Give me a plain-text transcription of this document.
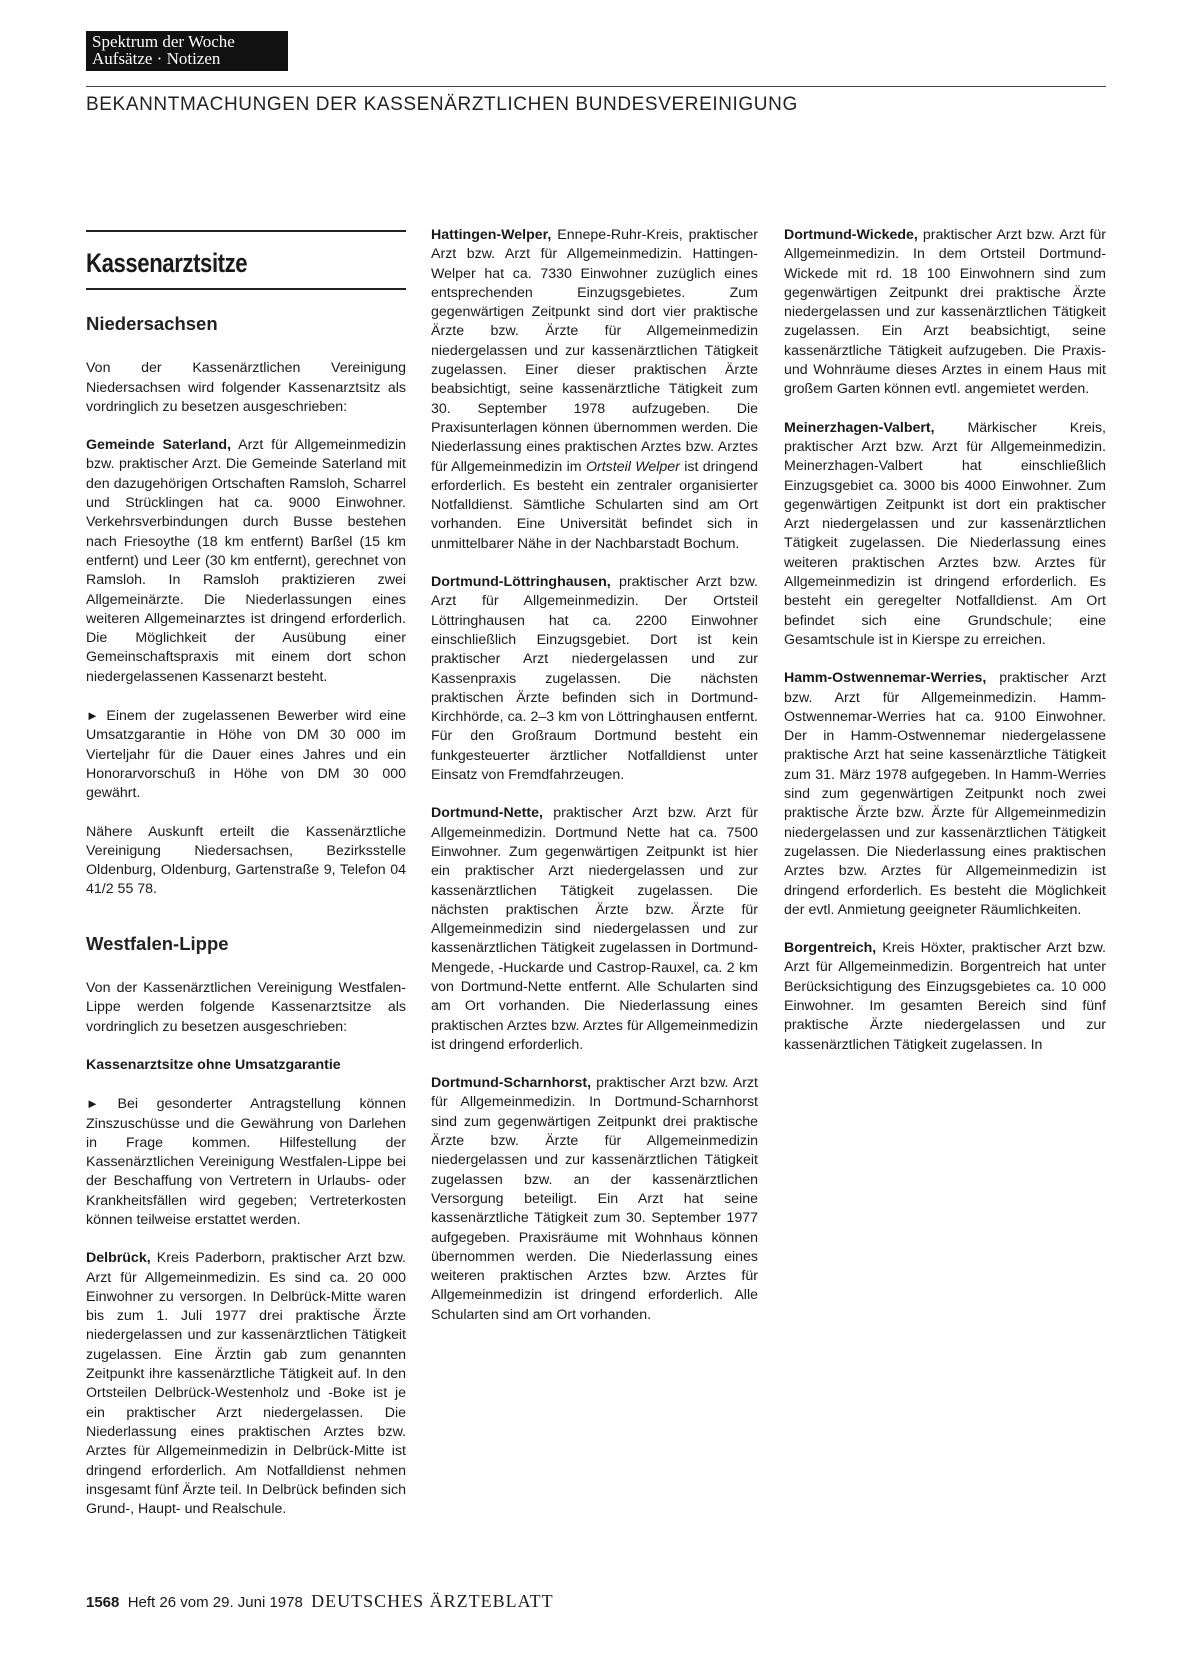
Spektrum der Woche
Aufsätze · Notizen
BEKANNTMACHUNGEN DER KASSENÄRZTLICHEN BUNDESVEREINIGUNG
Kassenarztsitze
Niedersachsen

Von der Kassenärztlichen Vereinigung Niedersachsen wird folgender Kassenarztsitz als vordringlich zu besetzen ausgeschrieben:

Gemeinde Saterland, Arzt für Allgemeinmedizin bzw. praktischer Arzt. Die Gemeinde Saterland mit den dazugehörigen Ortschaften Ramsloh, Scharrel und Strücklingen hat ca. 9000 Einwohner. Verkehrsverbindungen durch Busse bestehen nach Friesoythe (18 km entfernt) Barßel (15 km entfernt) und Leer (30 km entfernt), gerechnet von Ramsloh. In Ramsloh praktizieren zwei Allgemeinärzte. Die Niederlassungen eines weiteren Allgemeinarztes ist dringend erforderlich. Die Möglichkeit der Ausübung einer Gemeinschaftspraxis mit einem dort schon niedergelassenen Kassenarzt besteht.

► Einem der zugelassenen Bewerber wird eine Umsatzgarantie in Höhe von DM 30 000 im Vierteljahr für die Dauer eines Jahres und ein Honorarvorschuß in Höhe von DM 30 000 gewährt.

Nähere Auskunft erteilt die Kassenärztliche Vereinigung Niedersachsen, Bezirksstelle Oldenburg, Oldenburg, Gartenstraße 9, Telefon 04 41/2 55 78.

Westfalen-Lippe

Von der Kassenärztlichen Vereinigung Westfalen-Lippe werden folgende Kassenarztsitze als vordringlich zu besetzen ausgeschrieben:

Kassenarztsitze ohne Umsatzgarantie

► Bei gesonderter Antragstellung können Zinszuschüsse und die Gewährung von Darlehen in Frage kommen. Hilfestellung der Kassenärztlichen Vereinigung Westfalen-Lippe bei der Beschaffung von Vertretern in Urlaubs- oder Krankheitsfällen wird gegeben; Vertreterkosten können teilweise erstattet werden.

Delbrück, Kreis Paderborn, praktischer Arzt bzw. Arzt für Allgemeinmedizin. Es sind ca. 20 000 Einwohner zu versorgen. In Delbrück-Mitte waren bis zum 1. Juli 1977 drei praktische Ärzte niedergelassen und zur kassenärztlichen Tätigkeit zugelassen. Eine Ärztin gab zum genannten Zeitpunkt ihre kassenärztliche Tätigkeit auf. In den Ortsteilen Delbrück-Westenholz und -Boke ist je ein praktischer Arzt niedergelassen. Die Niederlassung eines praktischen Arztes bzw. Arztes für Allgemeinmedizin in Delbrück-Mitte ist dringend erforderlich. Am Notfalldienst nehmen insgesamt fünf Ärzte teil. In Delbrück befinden sich Grund-, Haupt- und Realschule.

Hattingen-Welper, Ennepe-Ruhr-Kreis, praktischer Arzt bzw. Arzt für Allgemeinmedizin. Hattingen-Welper hat ca. 7330 Einwohner zuzüglich eines entsprechenden Einzugsgebietes. Zum gegenwärtigen Zeitpunkt sind dort vier praktische Ärzte bzw. Ärzte für Allgemeinmedizin niedergelassen und zur kassenärztlichen Tätigkeit zugelassen. Einer dieser praktischen Ärzte beabsichtigt, seine kassenärztliche Tätigkeit zum 30. September 1978 aufzugeben. Die Praxisunterlagen können übernommen werden. Die Niederlassung eines praktischen Arztes bzw. Arztes für Allgemeinmedizin im Ortsteil Welper ist dringend erforderlich. Es besteht ein zentraler organisierter Notfalldienst. Sämtliche Schularten sind am Ort vorhanden. Eine Universität befindet sich in unmittelbarer Nähe in der Nachbarstadt Bochum.

Dortmund-Löttringhausen, praktischer Arzt bzw. Arzt für Allgemeinmedizin. Der Ortsteil Löttringhausen hat ca. 2200 Einwohner einschließlich Einzugsgebiet. Dort ist kein praktischer Arzt niedergelassen und zur Kassenpraxis zugelassen. Die nächsten praktischen Ärzte befinden sich in Dortmund-Kirchhörde, ca. 2–3 km von Löttringhausen entfernt. Für den Großraum Dortmund besteht ein funkgesteuerter ärztlicher Notfalldienst unter Einsatz von Fremdfahrzeugen.

Dortmund-Nette, praktischer Arzt bzw. Arzt für Allgemeinmedizin. Dortmund Nette hat ca. 7500 Einwohner. Zum gegenwärtigen Zeitpunkt ist hier ein praktischer Arzt niedergelassen und zur kassenärztlichen Tätigkeit zugelassen. Die nächsten praktischen Ärzte bzw. Ärzte für Allgemeinmedizin sind niedergelassen und zur kassenärztlichen Tätigkeit zugelassen in Dortmund-Mengede, -Huckarde und Castrop-Rauxel, ca. 2 km von Dortmund-Nette entfernt. Alle Schularten sind am Ort vorhanden. Die Niederlassung eines praktischen Arztes bzw. Arztes für Allgemeinmedizin ist dringend erforderlich.

Dortmund-Scharnhorst, praktischer Arzt bzw. Arzt für Allgemeinmedizin. In Dortmund-Scharnhorst sind zum gegenwärtigen Zeitpunkt drei praktische Ärzte bzw. Ärzte für Allgemeinmedizin niedergelassen und zur kassenärztlichen Tätigkeit zugelassen bzw. an der kassenärztlichen Versorgung beteiligt. Ein Arzt hat seine kassenärztliche Tätigkeit zum 30. September 1977 aufgegeben. Praxisräume mit Wohnhaus können übernommen werden. Die Niederlassung eines weiteren praktischen Arztes bzw. Arztes für Allgemeinmedizin ist dringend erforderlich. Alle Schularten sind am Ort vorhanden.

Dortmund-Wickede, praktischer Arzt bzw. Arzt für Allgemeinmedizin. In dem Ortsteil Dortmund-Wickede mit rd. 18 100 Einwohnern sind zum gegenwärtigen Zeitpunkt drei praktische Ärzte niedergelassen und zur kassenärztlichen Tätigkeit zugelassen. Ein Arzt beabsichtigt, seine kassenärztliche Tätigkeit aufzugeben. Die Praxis- und Wohnräume dieses Arztes in einem Haus mit großem Garten können evtl. angemietet werden.

Meinerzhagen-Valbert, Märkischer Kreis, praktischer Arzt bzw. Arzt für Allgemeinmedizin. Meinerzhagen-Valbert hat einschließlich Einzugsgebiet ca. 3000 bis 4000 Einwohner. Zum gegenwärtigen Zeitpunkt ist dort ein praktischer Arzt niedergelassen und zur kassenärztlichen Tätigkeit zugelassen. Die Niederlassung eines weiteren praktischen Arztes bzw. Arztes für Allgemeinmedizin ist dringend erforderlich. Es besteht ein geregelter Notfalldienst. Am Ort befindet sich eine Grundschule; eine Gesamtschule ist in Kierspe zu erreichen.

Hamm-Ostwennemar-Werries, praktischer Arzt bzw. Arzt für Allgemeinmedizin. Hamm-Ostwennemar-Werries hat ca. 9100 Einwohner. Der in Hamm-Ostwennemar niedergelassene praktische Arzt hat seine kassenärztliche Tätigkeit zum 31. März 1978 aufgegeben. In Hamm-Werries sind zum gegenwärtigen Zeitpunkt noch zwei praktische Ärzte bzw. Ärzte für Allgemeinmedizin niedergelassen und zur kassenärztlichen Tätigkeit zugelassen. Die Niederlassung eines praktischen Arztes bzw. Arztes für Allgemeinmedizin ist dringend erforderlich. Es besteht die Möglichkeit der evtl. Anmietung geeigneter Räumlichkeiten.

Borgentreich, Kreis Höxter, praktischer Arzt bzw. Arzt für Allgemeinmedizin. Borgentreich hat unter Berücksichtigung des Einzugsgebietes ca. 10 000 Einwohner. Im gesamten Bereich sind fünf praktische Ärzte niedergelassen und zur kassenärztlichen Tätigkeit zugelassen. In

1568 Heft 26 vom 29. Juni 1978 DEUTSCHES ÄRZTEBLATT
